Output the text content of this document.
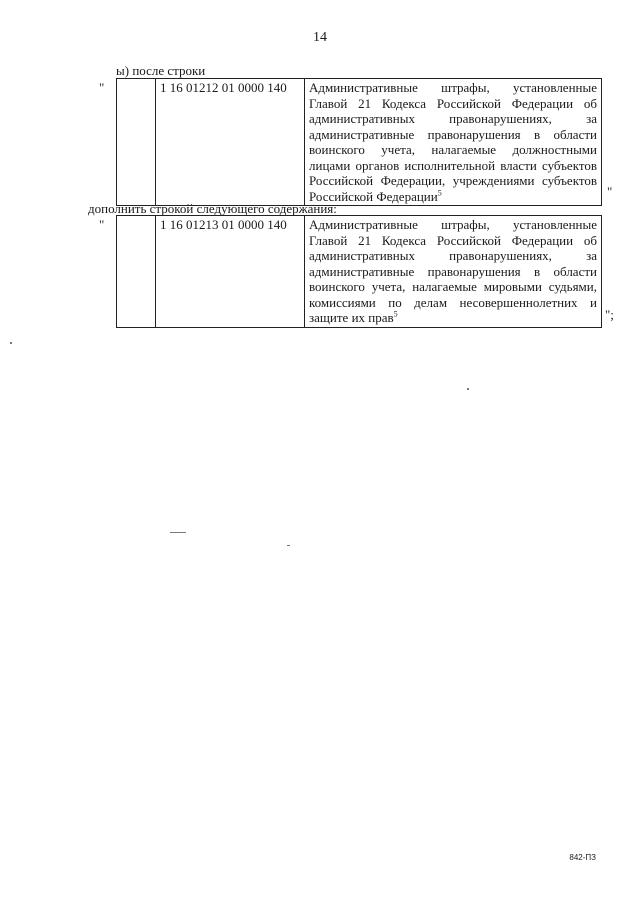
14
ы) после строки
"
		1 16 01212 01 0000 140	Административные штрафы, установленные Главой 21 Кодекса Российской Федерации об административных правонарушениях, за административные правонарушения в области воинского учета, налагаемые должностными лицами органов исполнительной власти субъектов Российской Федерации, учреждениями субъектов Российской Федерации$^5$	"
дополнить строкой следующего содержания:
"
		1 16 01213 01 0000 140	Административные штрафы, установленные Главой 21 Кодекса Российской Федерации об административных правонарушениях, за административные правонарушения в области воинского учета, налагаемые мировыми судьями, комиссиями по делам несовершеннолетних и защите их прав$^5$	";
842-ПЗ
